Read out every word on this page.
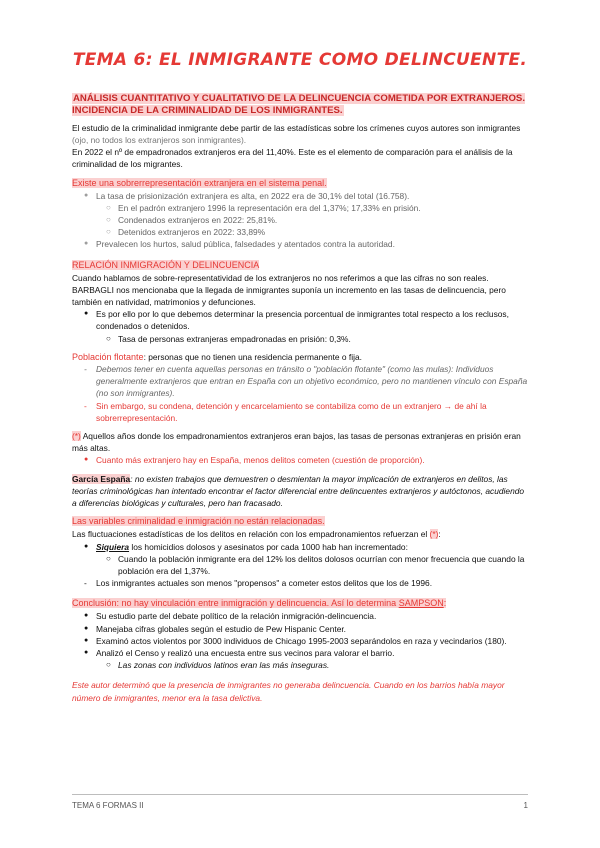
TEMA 6: EL INMIGRANTE COMO DELINCUENTE.

ANÁLISIS CUANTITATIVO Y CUALITATIVO DE LA DELINCUENCIA COMETIDA POR EXTRANJEROS. INCIDENCIA DE LA CRIMINALIDAD DE LOS INMIGRANTES.

El estudio de la criminalidad inmigrante debe partir de las estadísticas sobre los crímenes cuyos autores son inmigrantes (ojo, no todos los extranjeros son inmigrantes).

En 2022 el nº de empadronados extranjeros era del 11,40%. Este es el elemento de comparación para el análisis de la criminalidad de los migrantes.

Existe una sobrerrepresentación extranjera en el sistema penal.

● La tasa de prisionización extranjera es alta, en 2022 era de 30,1% del total (16.758).
○ En el padrón extranjero 1996 la representación era del 1,37%; 17,33% en prisión.
○ Condenados extranjeros en 2022: 25,81%.
○ Detenidos extranjeros en 2022: 33,89%
● Prevalecen los hurtos, salud pública, falsedades y atentados contra la autoridad.

RELACIÓN INMIGRACIÓN Y DELINCUENCIA

Cuando hablamos de sobre-representatividad de los extranjeros no nos referimos a que las cifras no son reales. BARBAGLI nos mencionaba que la llegada de inmigrantes suponía un incremento en las tasas de delincuencia, pero también en natividad, matrimonios y defunciones.

● Es por ello por lo que debemos determinar la presencia porcentual de inmigrantes total respecto a los reclusos, condenados o detenidos.
○ Tasa de personas extranjeras empadronadas en prisión: 0,3%.

Población flotante: personas que no tienen una residencia permanente o fija.

- Debemos tener en cuenta aquellas personas en tránsito o "población flotante" (como las mulas): Individuos generalmente extranjeros que entran en España con un objetivo económico, pero no mantienen vínculo con España (no son inmigrantes).
- Sin embargo, su condena, detención y encarcelamiento se contabiliza como de un extranjero → de ahí la sobrerrepresentación.

(*) Aquellos años donde los empadronamientos extranjeros eran bajos, las tasas de personas extranjeras en prisión eran más altas.

● Cuanto más extranjero hay en España, menos delitos cometen (cuestión de proporción).

García España: no existen trabajos que demuestren o desmientan la mayor implicación de extranjeros en delitos, las teorías criminológicas han intentado encontrar el factor diferencial entre delincuentes extranjeros y autóctonos, acudiendo a diferencias biológicas y culturales, pero han fracasado.

Las variables criminalidad e inmigración no están relacionadas.

Las fluctuaciones estadísticas de los delitos en relación con los empadronamientos refuerzan el (*):

● Siquiera los homicidios dolosos y asesinatos por cada 1000 hab han incrementado:
○ Cuando la población inmigrante era del 12% los delitos dolosos ocurrían con menor frecuencia que cuando la población era del 1,37%.
- Los inmigrantes actuales son menos "propensos" a cometer estos delitos que los de 1996.

Conclusión: no hay vinculación entre inmigración y delincuencia. Así lo determina SAMPSON:

● Su estudio parte del debate político de la relación inmigración-delincuencia.
● Manejaba cifras globales según el estudio de Pew Hispanic Center.
● Examinó actos violentos por 3000 individuos de Chicago 1995-2003 separándolos en raza y vecindarios (180).
● Analizó el Censo y realizó una encuesta entre sus vecinos para valorar el barrio.
○ Las zonas con individuos latinos eran las más inseguras.

Este autor determinó que la presencia de inmigrantes no generaba delincuencia. Cuando en los barrios había mayor número de inmigrantes, menor era la tasa delictiva.

TEMA 6 FORMAS II	1
